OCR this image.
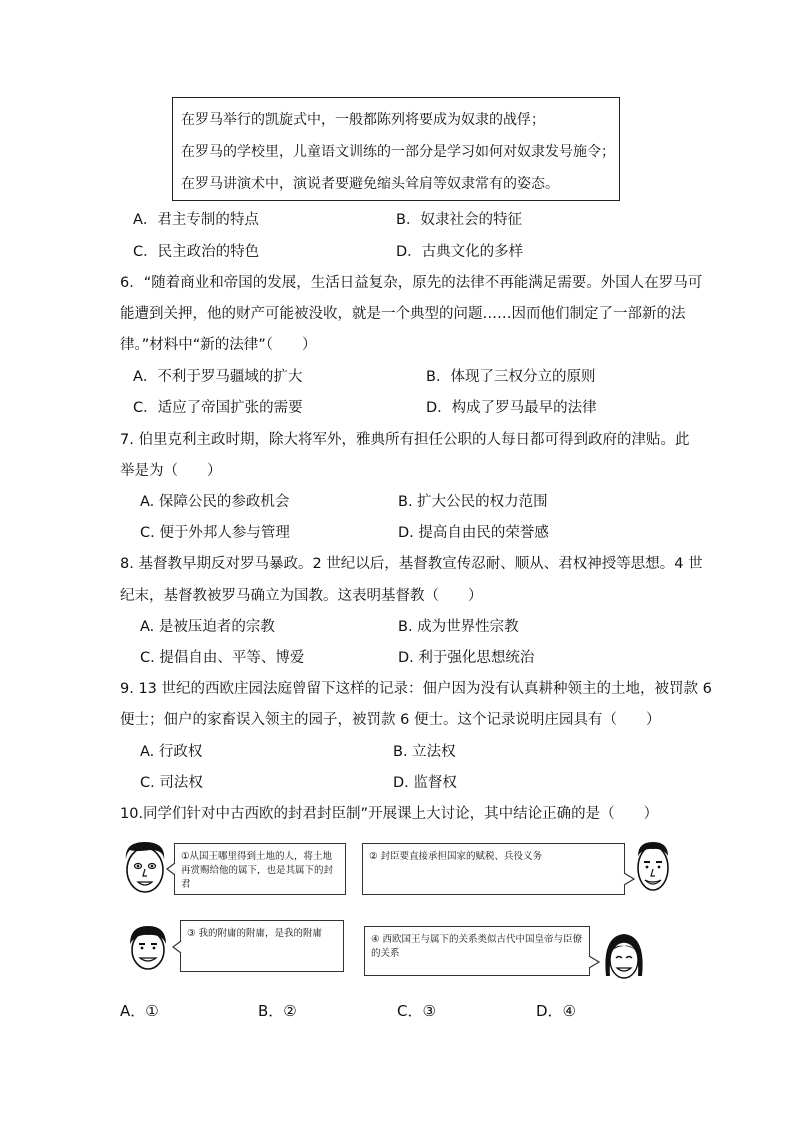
在罗马举行的凯旋式中，一般都陈列将要成为奴隶的战俘；
在罗马的学校里，儿童语文训练的一部分是学习如何对奴隶发号施令；
在罗马讲演术中，演说者要避免缩头耸肩等奴隶常有的姿态。
A．君主专制的特点	B．奴隶社会的特征
C．民主政治的特色	D．古典文化的多样
6．“随着商业和帝国的发展，生活日益复杂，原先的法律不再能满足需要。外国人在罗马可
能遭到关押，他的财产可能被没收，就是一个典型的问题……因而他们制定了一部新的法
律。”材料中“新的法律”（　　）
A．不利于罗马疆域的扩大	B．体现了三权分立的原则
C．适应了帝国扩张的需要	D．构成了罗马最早的法律
7. 伯里克利主政时期，除大将军外，雅典所有担任公职的人每日都可得到政府的津贴。此
举是为（　　）
A. 保障公民的参政机会	B. 扩大公民的权力范围
C. 便于外邦人参与管理	D. 提高自由民的荣誉感
8. 基督教早期反对罗马暴政。2 世纪以后，基督教宣传忍耐、顺从、君权神授等思想。4 世
纪末，基督教被罗马确立为国教。这表明基督教（　　）
A. 是被压迫者的宗教	B. 成为世界性宗教
C. 提倡自由、平等、博爱	D. 利于强化思想统治
9. 13 世纪的西欧庄园法庭曾留下这样的记录：佃户因为没有认真耕种领主的土地，被罚款 6
便士；佃户的家畜误入领主的园子，被罚款 6 便士。这个记录说明庄园具有（　　）
A. 行政权	B. 立法权
C. 司法权	D. 监督权
10.同学们针对中古西欧的封君封臣制”开展课上大讨论，其中结论正确的是（　　）
①从国王哪里得到土地的人，将土地再赏赐给他的属下，也是其属下的封君
② 封臣要直接承担国家的赋税、兵役义务
③ 我的附庸的附庸，是我的附庸
④ 西欧国王与属下的关系类似古代中国皇帝与臣僚的关系
A．①	B．②	C．③	D．④
